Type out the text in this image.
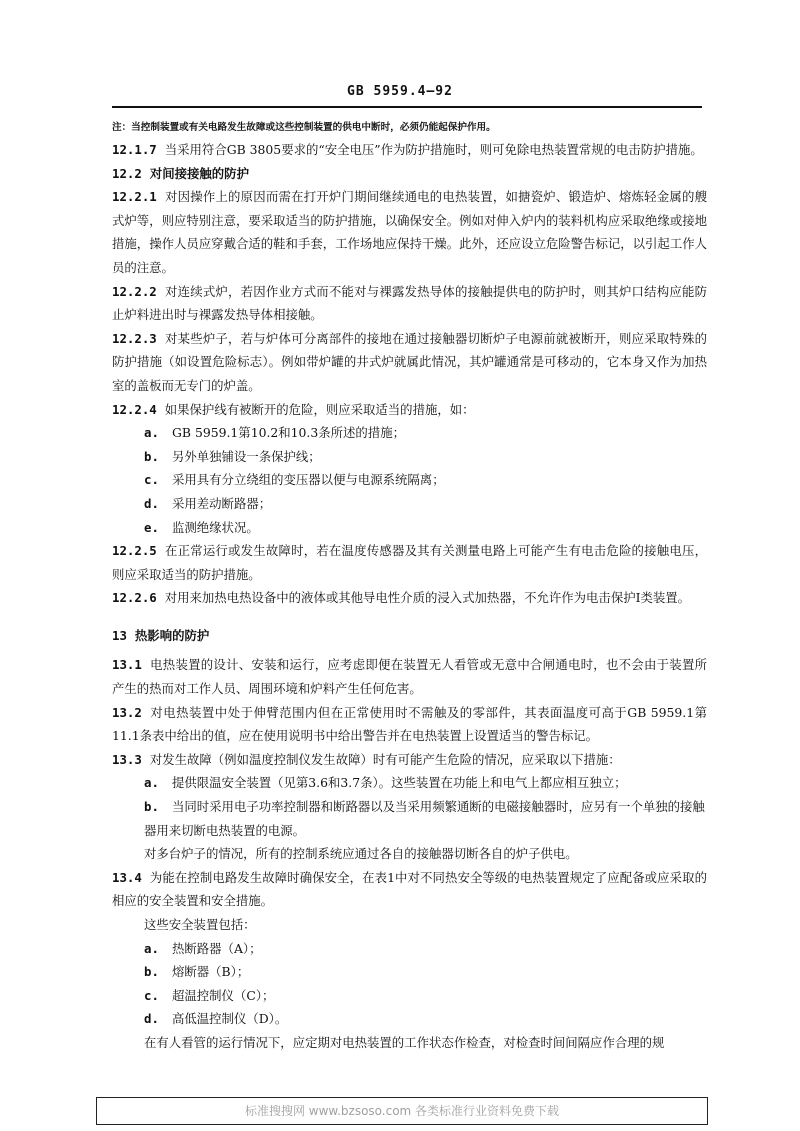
GB 5959.4—92

注：当控制装置或有关电路发生故障或这些控制装置的供电中断时，必须仍能起保护作用。

12.1.7 当采用符合GB 3805要求的“安全电压”作为防护措施时，则可免除电热装置常规的电击防护措施。

12.2 对间接接触的防护

12.2.1 对因操作上的原因而需在打开炉门期间继续通电的电热装置，如搪瓷炉、锻造炉、熔炼轻金属的艘式炉等，则应特别注意，要采取适当的防护措施，以确保安全。例如对伸入炉内的装料机构应采取绝缘或接地措施，操作人员应穿戴合适的鞋和手套，工作场地应保持干燥。此外，还应设立危险警告标记，以引起工作人员的注意。

12.2.2 对连续式炉，若因作业方式而不能对与裸露发热导体的接触提供电的防护时，则其炉口结构应能防止炉料进出时与裸露发热导体相接触。

12.2.3 对某些炉子，若与炉体可分离部件的接地在通过接触器切断炉子电源前就被断开，则应采取特殊的防护措施（如设置危险标志）。例如带炉罐的井式炉就属此情况，其炉罐通常是可移动的，它本身又作为加热室的盖板而无专门的炉盖。

12.2.4 如果保护线有被断开的危险，则应采取适当的措施，如：

a. GB 5959.1第10.2和10.3条所述的措施；

b. 另外单独铺设一条保护线；

c. 采用具有分立绕组的变压器以便与电源系统隔离；

d. 采用差动断路器；

e. 监测绝缘状况。

12.2.5 在正常运行或发生故障时，若在温度传感器及其有关测量电路上可能产生有电击危险的接触电压，则应采取适当的防护措施。

12.2.6 对用来加热电热设备中的液体或其他导电性介质的浸入式加热器，不允许作为电击保护Ⅰ类装置。

13 热影响的防护

13.1 电热装置的设计、安装和运行，应考虑即便在装置无人看管或无意中合闸通电时，也不会由于装置所产生的热而对工作人员、周围环境和炉料产生任何危害。

13.2 对电热装置中处于伸臂范围内但在正常使用时不需触及的零部件，其表面温度可高于GB 5959.1第11.1条表中给出的值，应在使用说明书中给出警告并在电热装置上设置适当的警告标记。

13.3 对发生故障（例如温度控制仪发生故障）时有可能产生危险的情况，应采取以下措施：

a. 提供限温安全装置（见第3.6和3.7条）。这些装置在功能上和电气上都应相互独立；

b. 当同时采用电子功率控制器和断路器以及当采用频繁通断的电磁接触器时，应另有一个单独的接触器用来切断电热装置的电源。

对多台炉子的情况，所有的控制系统应通过各自的接触器切断各自的炉子供电。

13.4 为能在控制电路发生故障时确保安全，在表1中对不同热安全等级的电热装置规定了应配备或应采取的相应的安全装置和安全措施。

这些安全装置包括：

a. 热断路器（A）；

b. 熔断器（B）；

c. 超温控制仪（C）；

d. 高低温控制仪（D）。

在有人看管的运行情况下，应定期对电热装置的工作状态作检查，对检查时间间隔应作合理的规

标准搜搜网 www.bzsoso.com 各类标准行业资料免费下载
